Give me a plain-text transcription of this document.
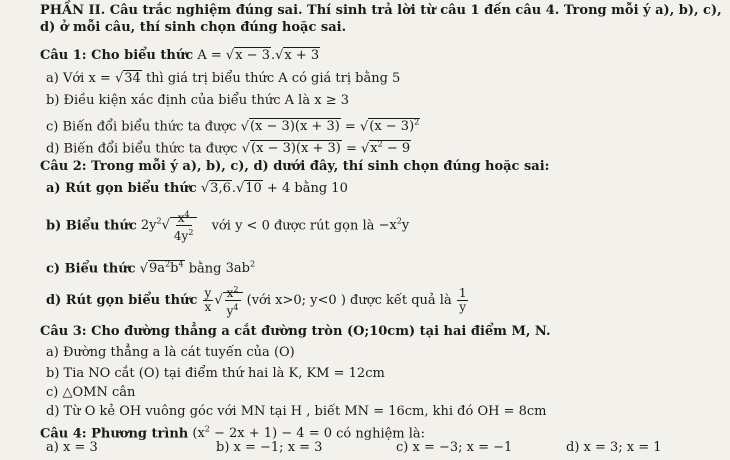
PHẦN II. Câu trắc nghiệm đúng sai. Thí sinh trả lời từ câu 1 đến câu 4. Trong mỗi ý a), b), c),
d) ở mỗi câu, thí sinh chọn đúng hoặc sai.
Câu 1: Cho biểu thức A = √x − 3.√x + 3
a) Với x = √34 thì giá trị biểu thức A có giá trị bằng 5
b) Điều kiện xác định của biểu thức A là x ≥ 3
c) Biến đổi biểu thức ta được $√(x - 3)(x + 3) = √(x - 3)^2$
d) Biến đổi biểu thức ta được $√(x - 3)(x + 3) = √x^2 - 9$
Câu 2: Trong mỗi ý a), b), c), d) dưới đây, thí sinh chọn đúng hoặc sai:
a) Rút gọn biểu thức √3,6.√10 + 4 bằng 10
b) Biểu thức $2y^2√ \frac{x^4}{4y^2}$ với y < 0 được rút gọn là $-x^2y$
c) Biểu thức $√9a^2b^4$ bằng $3ab^2$
d) Rút gọn biểu thức $\frac{y}{x}$ √ $\frac{x^2}{y^4}$ (với x>0; y<0 ) được kết quả là $\frac{1}{y}$
Câu 3: Cho đường thẳng a cắt đường tròn (O;10cm) tại hai điểm M, N.
a) Đường thẳng a là cát tuyến của (O)
b) Tia NO cắt (O) tại điểm thứ hai là K, KM = 12cm
c) △OMN cân
d) Từ O kẻ OH vuông góc với MN tại H , biết MN = 16cm, khi đó OH = 8cm
Câu 4: Phương trình $(x^2 - 2x + 1) - 4 = 0$ có nghiệm là:
a) x = 3	b) x = −1; x = 3	c) x = −3; x = −1	d) x = 3; x = 1
